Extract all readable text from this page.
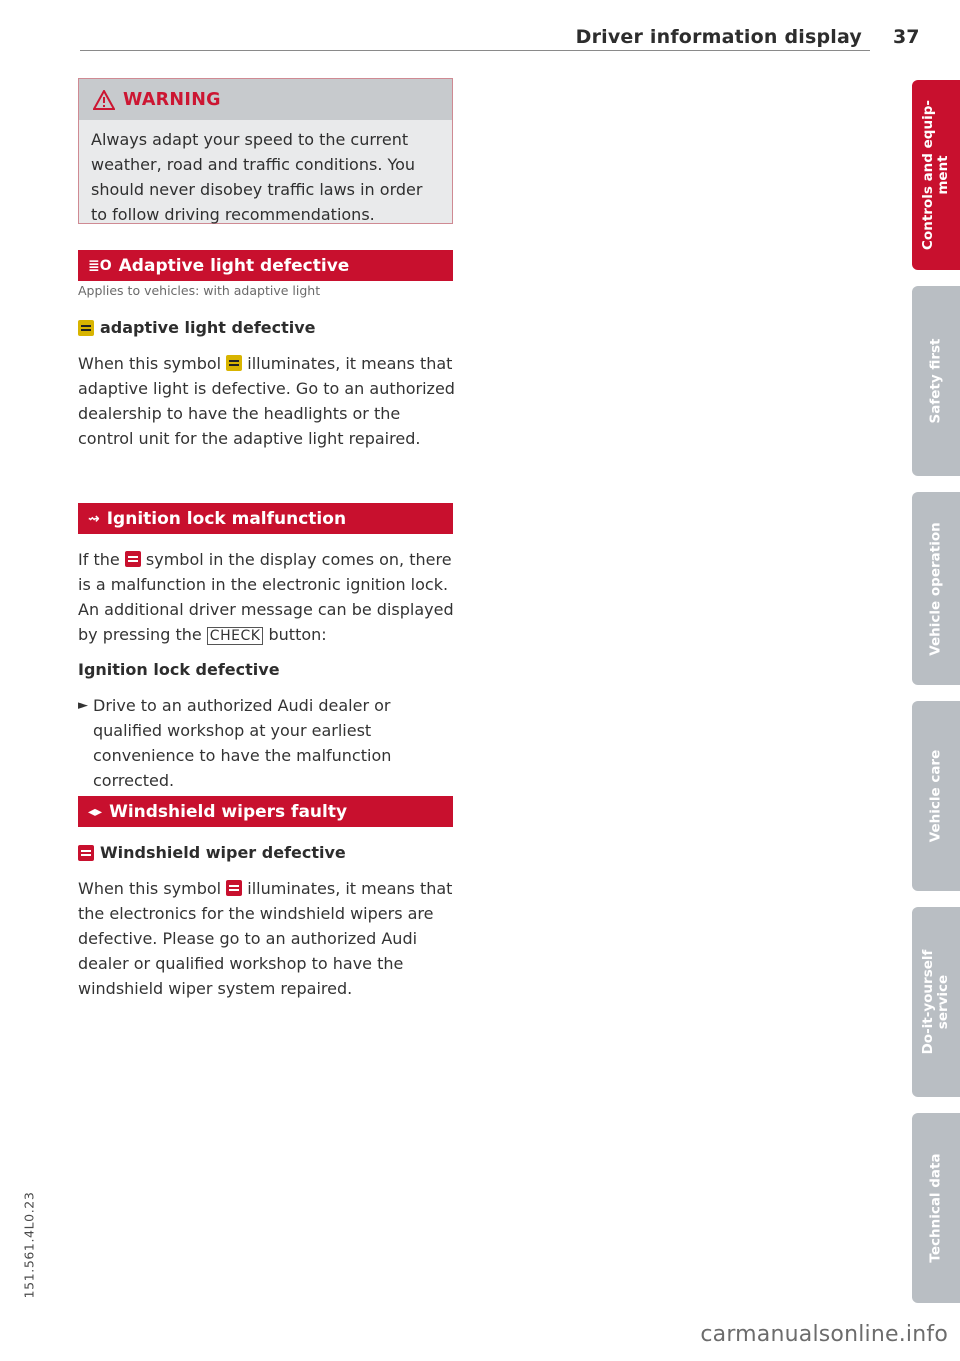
Driver information display 37
WARNING
Always adapt your speed to the current weather, road and traffic conditions. You should never disobey traffic laws in order to follow driving recommendations.
≣O Adaptive light defective
Applies to vehicles: with adaptive light
adaptive light defective
When this symbol illuminates, it means that adaptive light is defective. Go to an authorized dealership to have the headlights or the control unit for the adaptive light repaired.
⇝ Ignition lock malfunction
If the symbol in the display comes on, there is a malfunction in the electronic ignition lock. An additional driver message can be displayed by pressing the CHECK button:
Ignition lock defective
► Drive to an authorized Audi dealer or qualified workshop at your earliest convenience to have the malfunction corrected.
◂▸ Windshield wipers faulty
Windshield wiper defective
When this symbol illuminates, it means that the electronics for the windshield wipers are defective. Please go to an authorized Audi dealer or qualified workshop to have the windshield wiper system repaired.
Controls and equip-
ment
Safety first
Vehicle operation
Vehicle care
Do-it-yourself
service
Technical data
151.561.4L0.23
carmanualsonline.info
